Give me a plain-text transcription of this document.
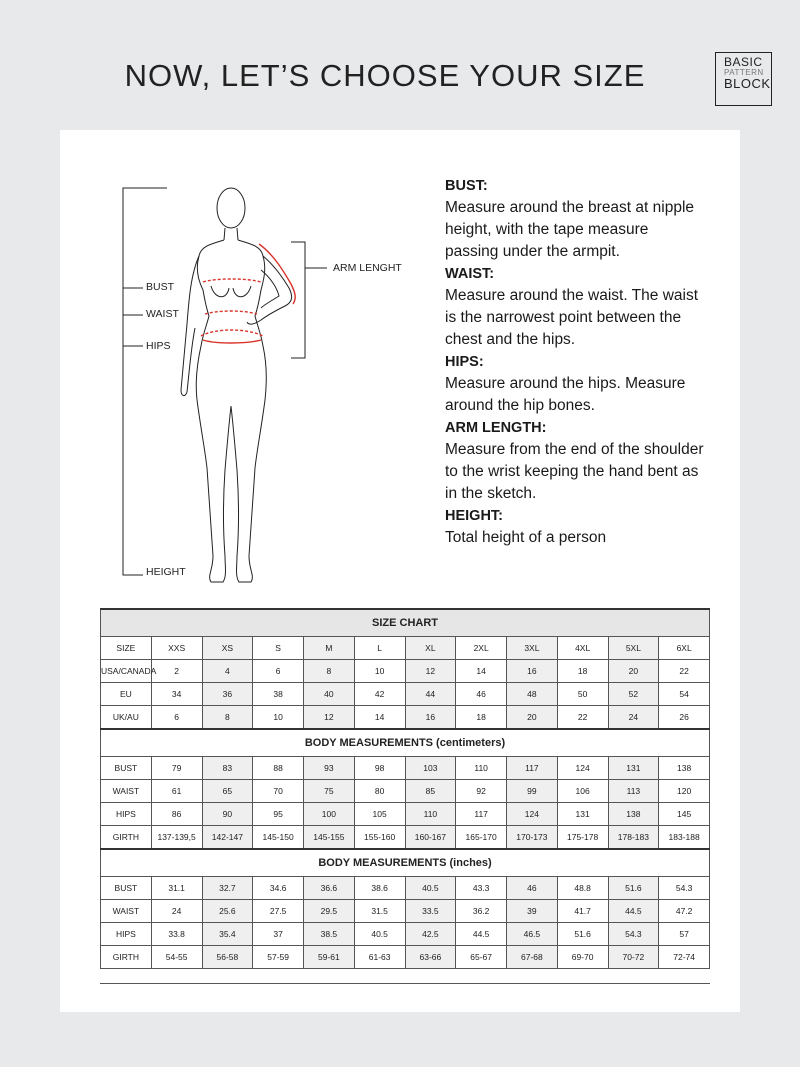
NOW, LET’S CHOOSE YOUR SIZE	BASIC
PATTERN
BLOCK
BUST
WAIST
HIPS
HEIGHT
ARM LENGHT

BUST:

Measure around the breast at nipple height, with the tape measure passing under the armpit.

WAIST:

Measure around the waist. The waist is the narrowest point between the chest and the hips.

HIPS:

Measure around the hips. Measure around the hip bones.

ARM LENGTH:

Measure from the end of the shoulder to the wrist keeping the hand bent as in the sketch.

HEIGHT:

Total height of a person

SIZE CHART											
SIZE	XXS	XS	S	M	L	XL	2XL	3XL	4XL	5XL	6XL
USA/CANADA	2	4	6	8	10	12	14	16	18	20	22
EU	34	36	38	40	42	44	46	48	50	52	54
UK/AU	6	8	10	12	14	16	18	20	22	24	26
BODY MEASUREMENTS (centimeters)											
BUST	79	83	88	93	98	103	110	117	124	131	138
WAIST	61	65	70	75	80	85	92	99	106	113	120
HIPS	86	90	95	100	105	110	117	124	131	138	145
GIRTH	137-139,5	142-147	145-150	145-155	155-160	160-167	165-170	170-173	175-178	178-183	183-188
BODY MEASUREMENTS (inches)											
BUST	31.1	32.7	34.6	36.6	38.6	40.5	43.3	46	48.8	51.6	54.3
WAIST	24	25.6	27.5	29.5	31.5	33.5	36.2	39	41.7	44.5	47.2
HIPS	33.8	35.4	37	38.5	40.5	42.5	44.5	46.5	51.6	54.3	57
GIRTH	54-55	56-58	57-59	59-61	61-63	63-66	65-67	67-68	69-70	70-72	72-74
